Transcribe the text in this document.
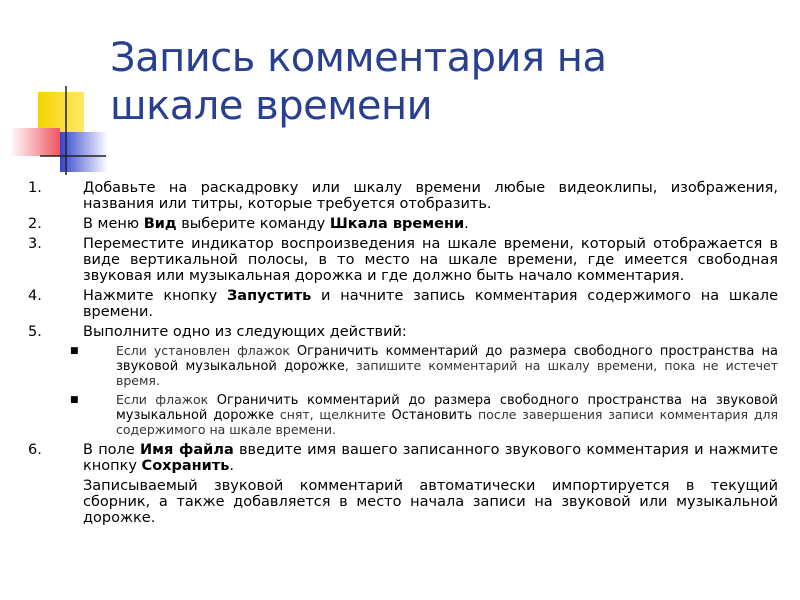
Запись комментария на
шкале времени
1.	Добавьте на раскадровку или шкалу времени любые видеоклипы, изображения, названия или титры, которые требуется отобразить.
2.	В меню Вид выберите команду Шкала времени.
3.	Переместите индикатор воспроизведения на шкале времени, который отображается в виде вертикальной полосы, в то место на шкале времени, где имеется свободная звуковая или музыкальная дорожка и где должно быть начало комментария.
4.	Нажмите кнопку Запустить и начните запись комментария содержимого на шкале времени.
5.	Выполните одно из следующих действий:
■	Если установлен флажок Ограничить комментарий до размера свободного пространства на звуковой музыкальной дорожке, запишите комментарий на шкалу времени, пока не истечет время.
■	Если флажок Ограничить комментарий до размера свободного пространства на звуковой музыкальной дорожке снят, щелкните Остановить после завершения записи комментария для содержимого на шкале времени.
6.	В поле Имя файла введите имя вашего записанного звукового комментария и нажмите кнопку Сохранить.
Записываемый звуковой комментарий автоматически импортируется в текущий сборник, а также добавляется в место начала записи на звуковой или музыкальной дорожке.
